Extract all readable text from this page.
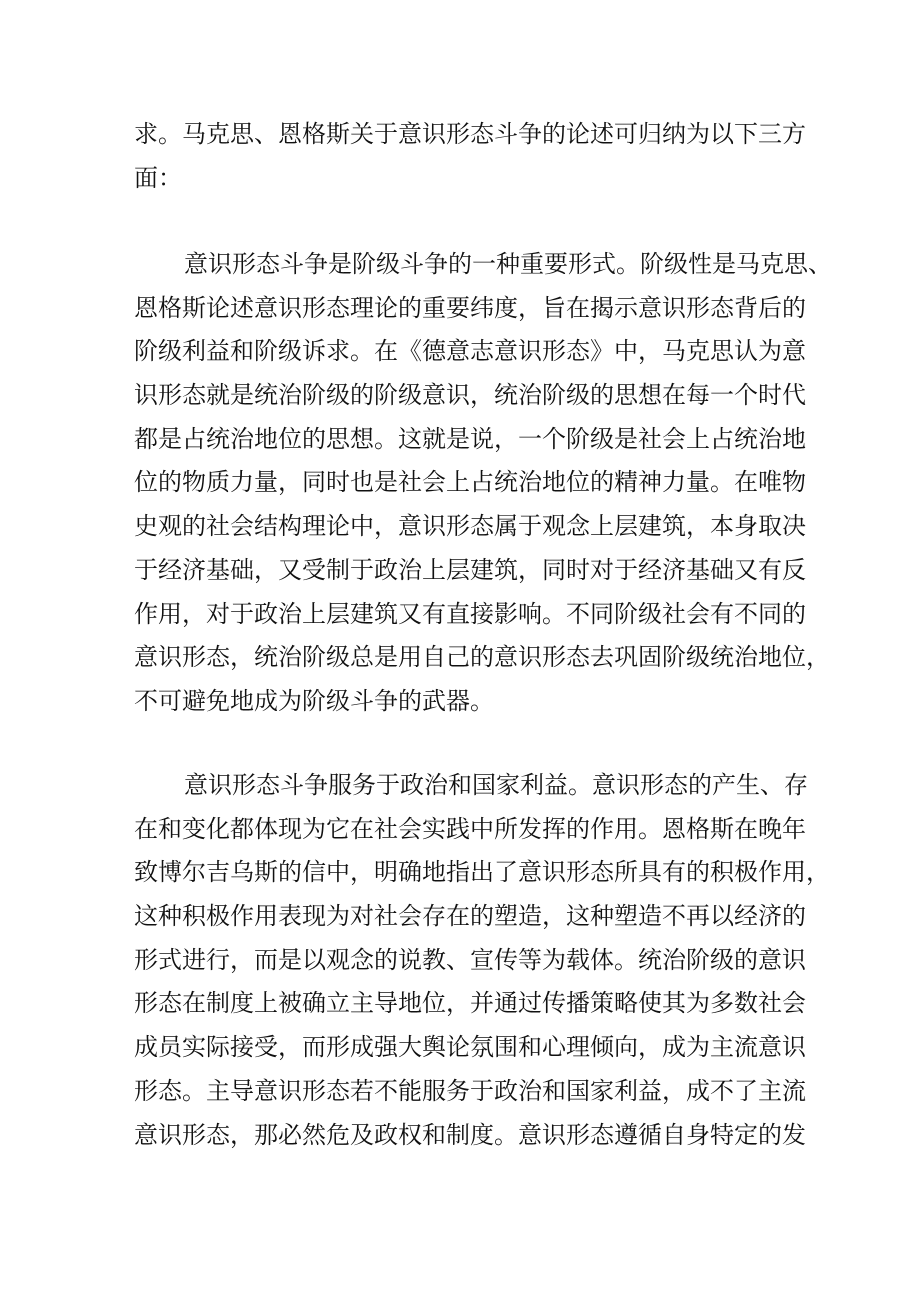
求。马克思、恩格斯关于意识形态斗争的论述可归纳为以下三方
面：
意识形态斗争是阶级斗争的一种重要形式。阶级性是马克思、
恩格斯论述意识形态理论的重要纬度，旨在揭示意识形态背后的
阶级利益和阶级诉求。在《德意志意识形态》中，马克思认为意
识形态就是统治阶级的阶级意识，统治阶级的思想在每一个时代
都是占统治地位的思想。这就是说，一个阶级是社会上占统治地
位的物质力量，同时也是社会上占统治地位的精神力量。在唯物
史观的社会结构理论中，意识形态属于观念上层建筑，本身取决
于经济基础，又受制于政治上层建筑，同时对于经济基础又有反
作用，对于政治上层建筑又有直接影响。不同阶级社会有不同的
意识形态，统治阶级总是用自己的意识形态去巩固阶级统治地位，
不可避免地成为阶级斗争的武器。
意识形态斗争服务于政治和国家利益。意识形态的产生、存
在和变化都体现为它在社会实践中所发挥的作用。恩格斯在晚年
致博尔吉乌斯的信中，明确地指出了意识形态所具有的积极作用，
这种积极作用表现为对社会存在的塑造，这种塑造不再以经济的
形式进行，而是以观念的说教、宣传等为载体。统治阶级的意识
形态在制度上被确立主导地位，并通过传播策略使其为多数社会
成员实际接受，而形成强大舆论氛围和心理倾向，成为主流意识
形态。主导意识形态若不能服务于政治和国家利益，成不了主流
意识形态，那必然危及政权和制度。意识形态遵循自身特定的发
